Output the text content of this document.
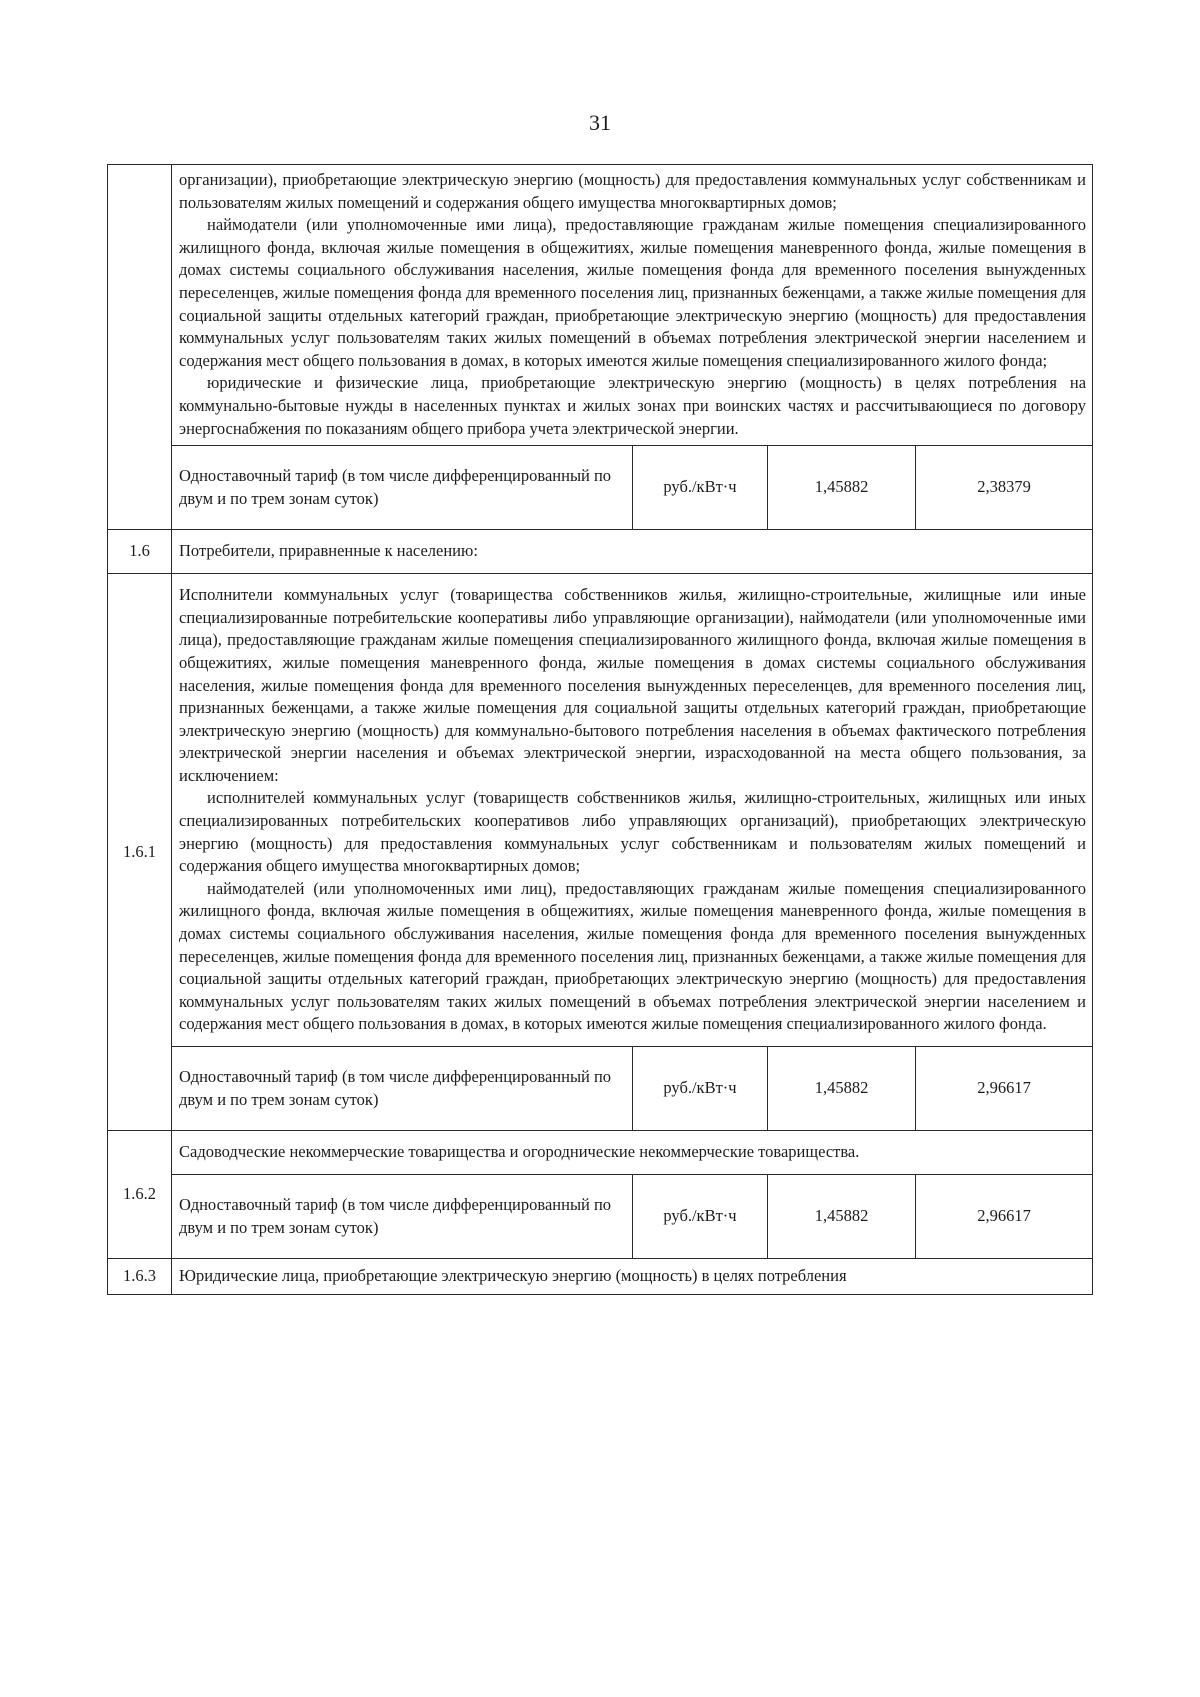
31

	организации), приобретающие электрическую энергию (мощность) для предоставления коммунальных услуг собственникам и пользователям жилых помещений и содержания общего имущества многоквартирных домов;

наймодатели (или уполномоченные ими лица), предоставляющие гражданам жилые помещения специализированного жилищного фонда, включая жилые помещения в общежитиях, жилые помещения маневренного фонда, жилые помещения в домах системы социального обслуживания населения, жилые помещения фонда для временного поселения вынужденных переселенцев, жилые помещения фонда для временного поселения лиц, признанных беженцами, а также жилые помещения для социальной защиты отдельных категорий граждан, приобретающие электрическую энергию (мощность) для предоставления коммунальных услуг пользователям таких жилых помещений в объемах потребления электрической энергии населением и содержания мест общего пользования в домах, в которых имеются жилые помещения специализированного жилого фонда;

юридические и физические лица, приобретающие электрическую энергию (мощность) в целях потребления на коммунально-бытовые нужды в населенных пунктах и жилых зонах при воинских частях и рассчитывающиеся по договору энергоснабжения по показаниям общего прибора учета электрической энергии.			

	Одноставочный тариф (в том числе дифференцированный по двум и по трем зонам суток)	руб./кВт·ч	1,45882	2,38379
1.6	Потребители, приравненные к населению:			
1.6.1	Исполнители коммунальных услуг (товарищества собственников жилья, жилищно-строительные, жилищные или иные специализированные потребительские кооперативы либо управляющие организации), наймодатели (или уполномоченные ими лица), предоставляющие гражданам жилые помещения специализированного жилищного фонда, включая жилые помещения в общежитиях, жилые помещения маневренного фонда, жилые помещения в домах системы социального обслуживания населения, жилые помещения фонда для временного поселения вынужденных переселенцев, для временного поселения лиц, признанных беженцами, а также жилые помещения для социальной защиты отдельных категорий граждан, приобретающие электрическую энергию (мощность) для коммунально-бытового потребления населения в объемах фактического потребления электрической энергии населения и объемах электрической энергии, израсходованной на места общего пользования, за исключением:

исполнителей коммунальных услуг (товариществ собственников жилья, жилищно-строительных, жилищных или иных специализированных потребительских кооперативов либо управляющих организаций), приобретающих электрическую энергию (мощность) для предоставления коммунальных услуг собственникам и пользователям жилых помещений и содержания общего имущества многоквартирных домов;

наймодателей (или уполномоченных ими лиц), предоставляющих гражданам жилые помещения специализированного жилищного фонда, включая жилые помещения в общежитиях, жилые помещения маневренного фонда, жилые помещения в домах системы социального обслуживания населения, жилые помещения фонда для временного поселения вынужденных переселенцев, жилые помещения фонда для временного поселения лиц, признанных беженцами, а также жилые помещения для социальной защиты отдельных категорий граждан, приобретающих электрическую энергию (мощность) для предоставления коммунальных услуг пользователям таких жилых помещений в объемах потребления электрической энергии населением и содержания мест общего пользования в домах, в которых имеются жилые помещения специализированного жилого фонда.			

	Одноставочный тариф (в том числе дифференцированный по двум и по трем зонам суток)	руб./кВт·ч	1,45882	2,96617
1.6.2	Садоводческие некоммерческие товарищества и огороднические некоммерческие товарищества.			
	Одноставочный тариф (в том числе дифференцированный по двум и по трем зонам суток)	руб./кВт·ч	1,45882	2,96617
1.6.3	Юридические лица, приобретающие электрическую энергию (мощность) в целях потребления			
